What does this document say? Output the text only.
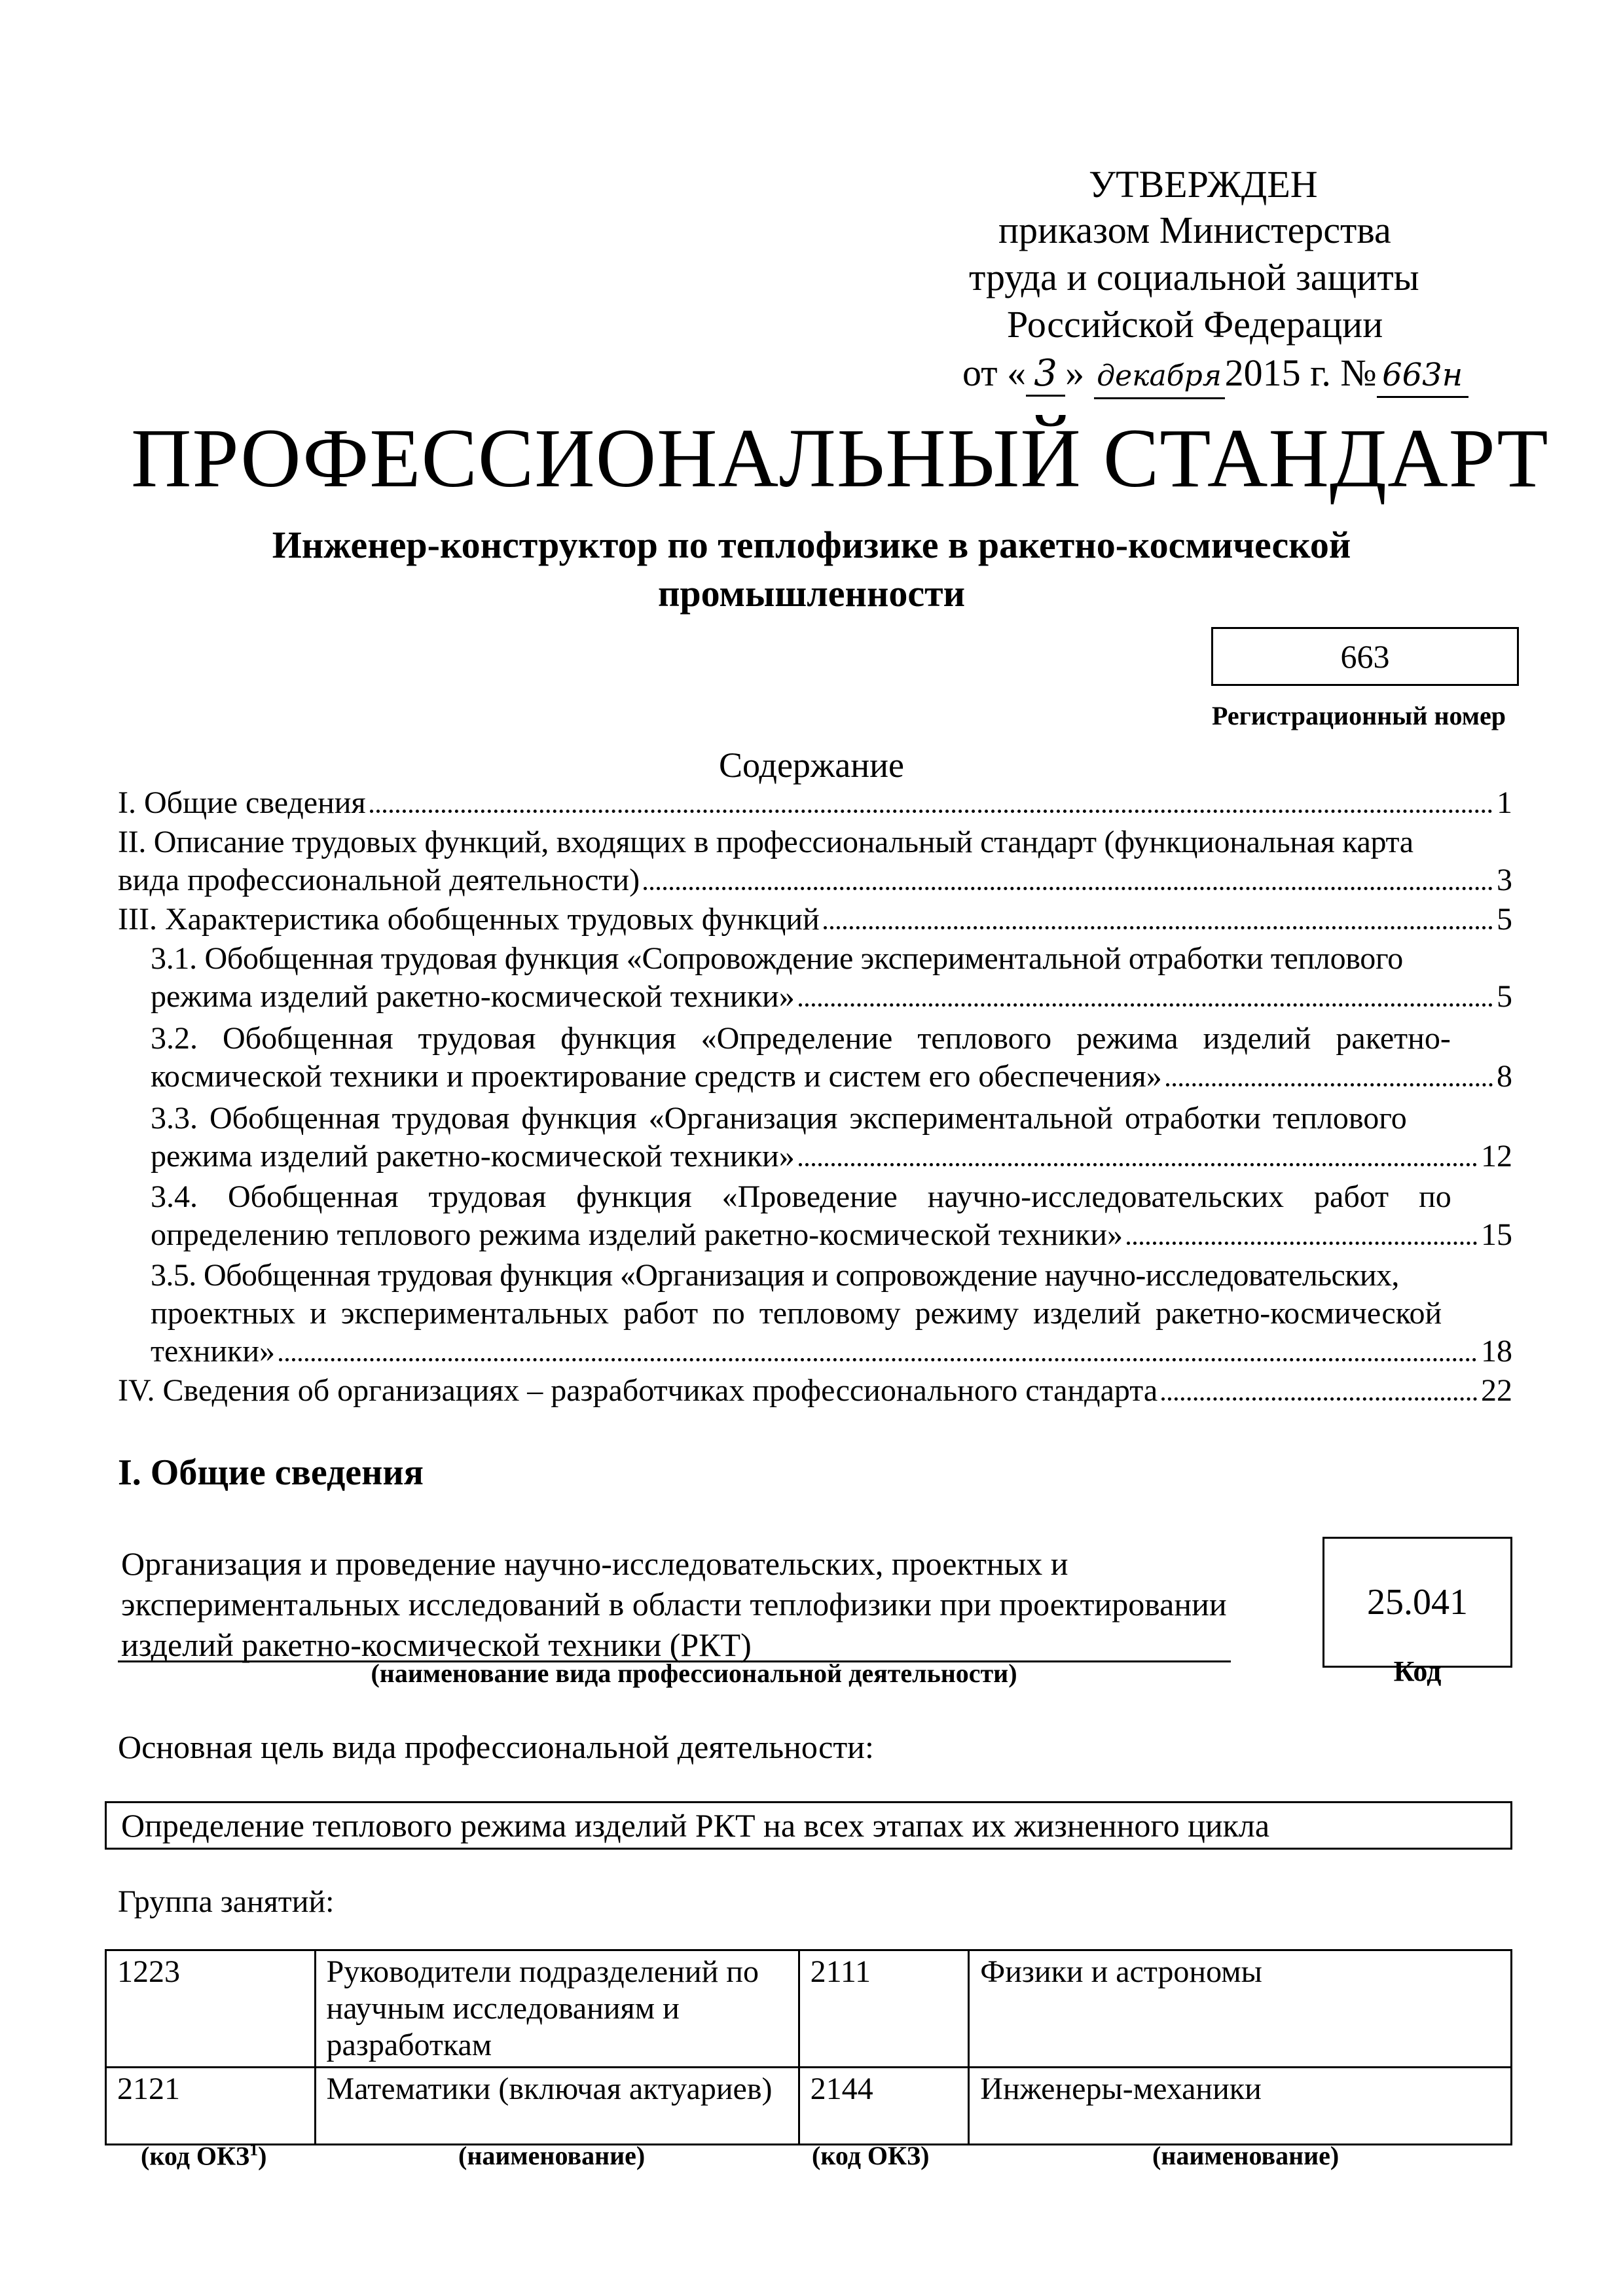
УТВЕРЖДЕН
приказом Министерства
труда и социальной защиты
Российской Федерации
от « 3 » декабря2015 г. № 663н
ПРОФЕССИОНАЛЬНЫЙ СТАНДАРТ
Инженер-конструктор по теплофизике в ракетно-космической
промышленности
663
Регистрационный номер
Содержание
I. Общие сведения	1
II. Описание трудовых функций, входящих в профессиональный стандарт (функциональная карта
вида профессиональной деятельности)	3
III. Характеристика обобщенных трудовых функций	5
3.1. Обобщенная трудовая функция «Сопровождение экспериментальной отработки теплового
режима изделий ракетно-космической техники»	5
3.2. Обобщенная трудовая функция «Определение теплового режима изделий ракетно-
космической техники и проектирование средств и систем его обеспечения»	8
3.3. Обобщенная трудовая функция «Организация экспериментальной отработки теплового
режима изделий ракетно-космической техники»	12
3.4. Обобщенная трудовая функция «Проведение научно-исследовательских работ по
определению теплового режима изделий ракетно-космической техники»	15
3.5. Обобщенная трудовая функция «Организация и сопровождение научно-исследовательских,
проектных и экспериментальных работ по тепловому режиму изделий ракетно-космической
техники»	18
IV. Сведения об организациях – разработчиках профессионального стандарта	22
I. Общие сведения
Организация и проведение научно-исследовательских, проектных и
экспериментальных исследований в области теплофизики при проектировании
изделий ракетно-космической техники (РКТ)
(наименование вида профессиональной деятельности)
25.041
Код
Основная цель вида профессиональной деятельности:
Определение теплового режима изделий РКТ на всех этапах их жизненного цикла
Группа занятий:
1223	Руководители подразделений по научным исследованиям и разработкам	2111	Физики и астрономы
2121	Математики (включая актуариев)	2144	Инженеры-механики
(код ОКЗ$^1$)	(наименование)	(код ОКЗ)	(наименование)
